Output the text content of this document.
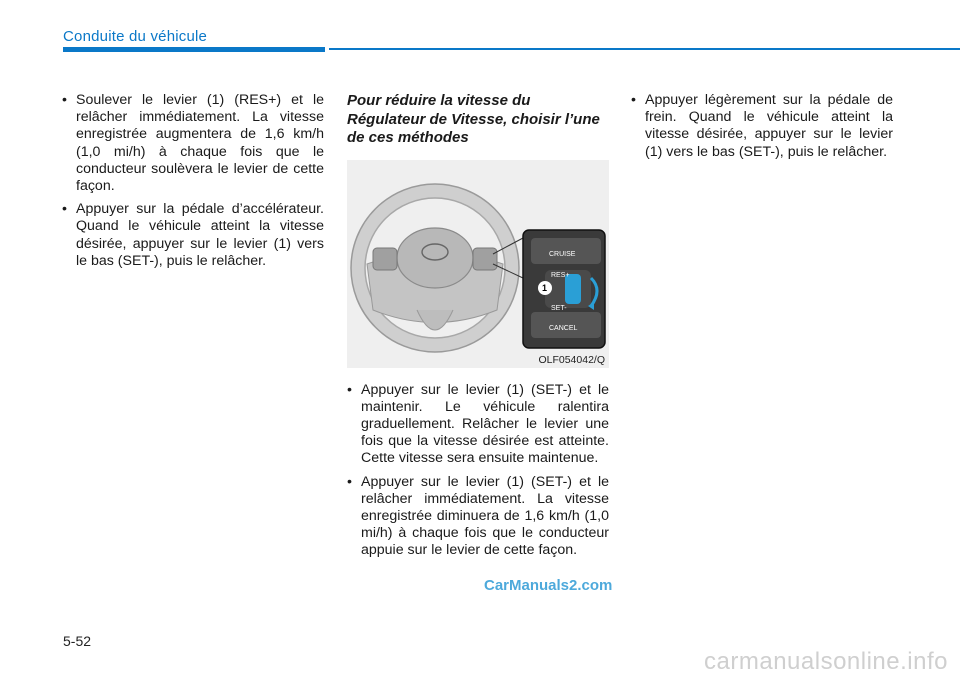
Conduite du véhicule
• Soulever le levier (1) (RES+) et le relâcher immédiatement. La vitesse enregistrée augmentera de 1,6 km/h (1,0 mi/h) à chaque fois que le conducteur soulèvera le levier de cette façon.
• Appuyer sur la pédale d’accélérateur. Quand le véhicule atteint la vitesse désirée, appuyer sur le levier (1) vers le bas (SET-), puis le relâcher.
Pour réduire la vitesse du Régulateur de Vitesse, choisir l’une de ces méthodes
CRUISE
RES+
SET-
CANCEL
1
OLF054042/Q
• Appuyer sur le levier (1) (SET-) et le maintenir. Le véhicule ralentira graduellement. Relâcher le levier une fois que la vitesse désirée est atteinte. Cette vitesse sera ensuite maintenue.
• Appuyer sur le levier (1) (SET-) et le relâcher immédiatement. La vitesse enregistrée diminuera de 1,6 km/h (1,0 mi/h) à chaque fois que le conducteur appuie sur le levier de cette façon.
• Appuyer légèrement sur la pédale de frein. Quand le véhicule atteint la vitesse désirée, appuyer sur le levier (1) vers le bas (SET-), puis le relâcher.
CarManuals2.com
5-52
carmanualsonline.info
